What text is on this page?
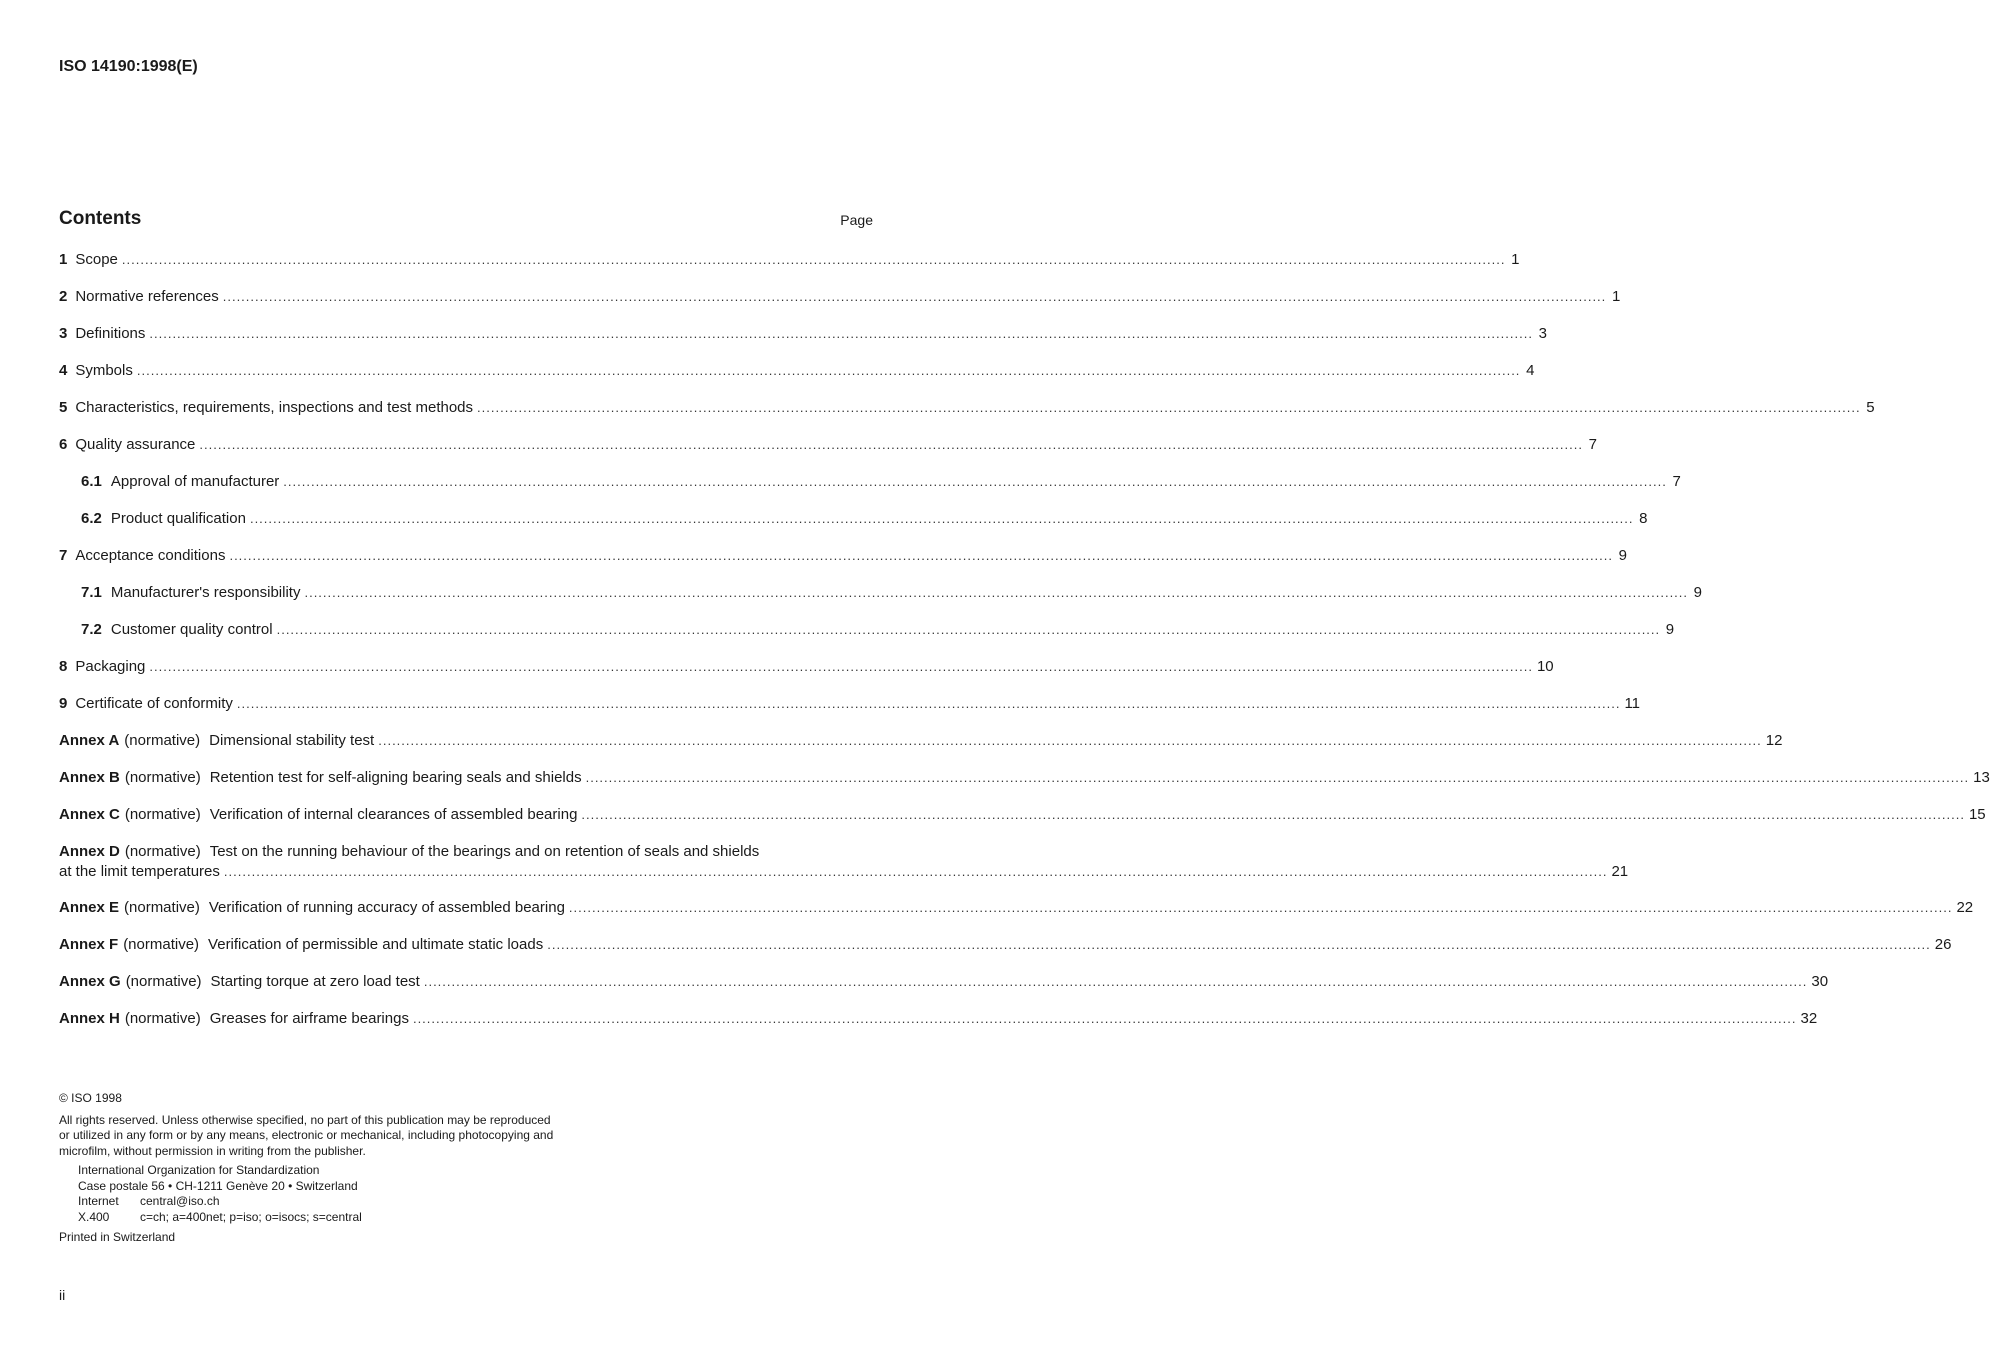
ISO 14190:1998(E)
Contents	Page
1 Scope ............................................................................................................................................................................................................................................................................................................ 1
2 Normative references ............................................................................................................................................................................................................................................................................................................ 1
3 Definitions ............................................................................................................................................................................................................................................................................................................ 3
4 Symbols ............................................................................................................................................................................................................................................................................................................ 4
5 Characteristics, requirements, inspections and test methods ............................................................................................................................................................................................................................................................................................................ 5
6 Quality assurance ............................................................................................................................................................................................................................................................................................................ 7
6.1 Approval of manufacturer ............................................................................................................................................................................................................................................................................................................ 7
6.2 Product qualification ............................................................................................................................................................................................................................................................................................................ 8
7 Acceptance conditions ............................................................................................................................................................................................................................................................................................................ 9
7.1 Manufacturer's responsibility ............................................................................................................................................................................................................................................................................................................ 9
7.2 Customer quality control ............................................................................................................................................................................................................................................................................................................ 9
8 Packaging ............................................................................................................................................................................................................................................................................................................ 10
9 Certificate of conformity ............................................................................................................................................................................................................................................................................................................ 11
Annex A (normative) Dimensional stability test ............................................................................................................................................................................................................................................................................................................ 12
Annex B (normative) Retention test for self-aligning bearing seals and shields ............................................................................................................................................................................................................................................................................................................ 13
Annex C (normative) Verification of internal clearances of assembled bearing ............................................................................................................................................................................................................................................................................................................ 15
Annex D (normative) Test on the running behaviour of the bearings and on retention of seals and shields
at the limit temperatures ............................................................................................................................................................................................................................................................................................................ 21
Annex E (normative) Verification of running accuracy of assembled bearing ............................................................................................................................................................................................................................................................................................................ 22
Annex F (normative) Verification of permissible and ultimate static loads ............................................................................................................................................................................................................................................................................................................ 26
Annex G (normative) Starting torque at zero load test ............................................................................................................................................................................................................................................................................................................ 30
Annex H (normative) Greases for airframe bearings ............................................................................................................................................................................................................................................................................................................ 32
© ISO 1998
All rights reserved. Unless otherwise specified, no part of this publication may be reproduced
or utilized in any form or by any means, electronic or mechanical, including photocopying and
microfilm, without permission in writing from the publisher.
International Organization for Standardization
Case postale 56 • CH-1211 Genève 20 • Switzerland
Internet	central@iso.ch
X.400	c=ch; a=400net; p=iso; o=isocs; s=central
Printed in Switzerland
ii
